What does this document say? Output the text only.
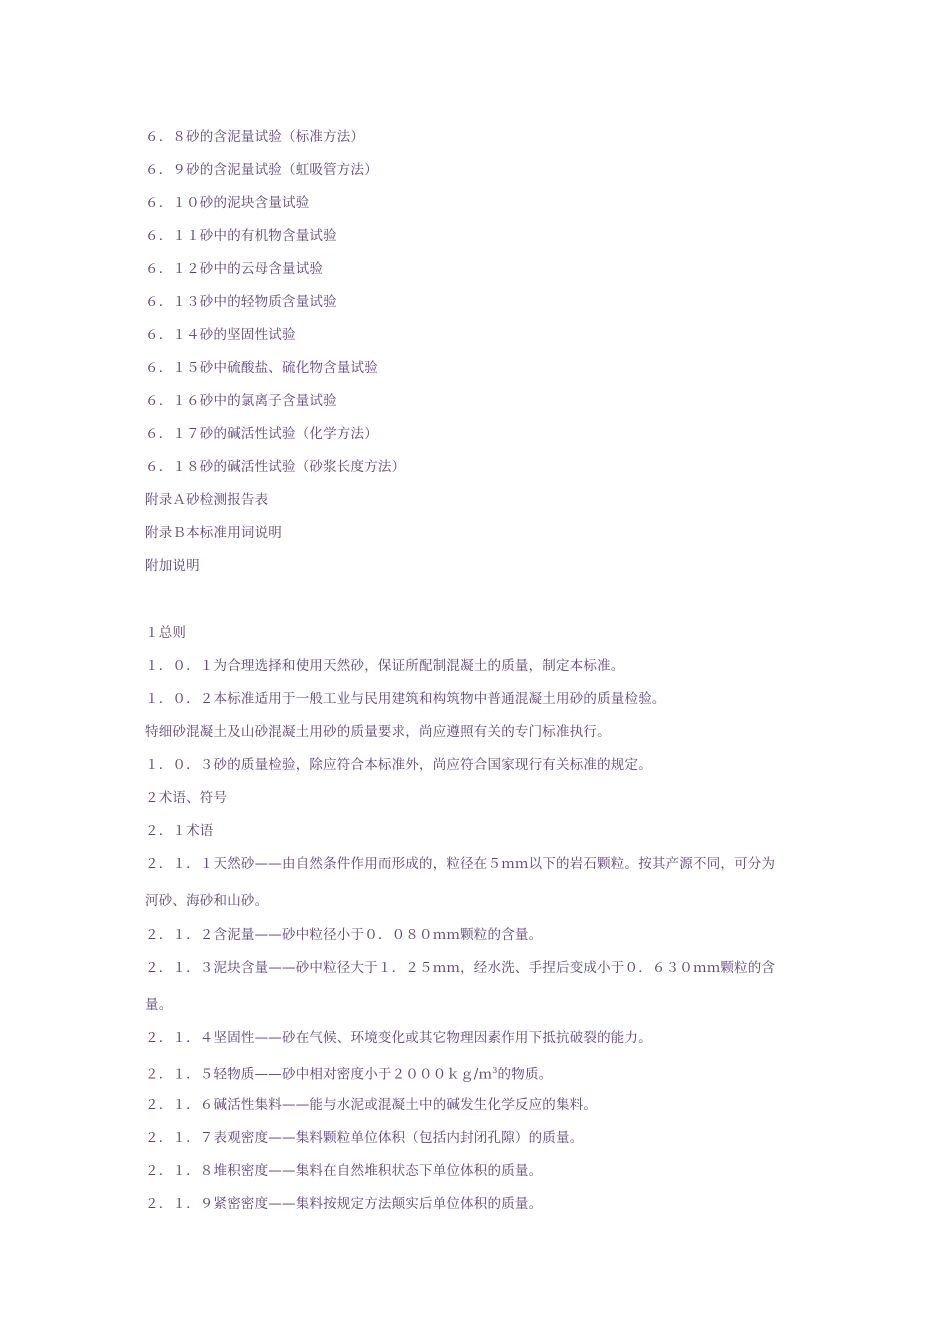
６．８砂的含泥量试验（标准方法）
６．９砂的含泥量试验（虹吸管方法）
６．１０砂的泥块含量试验
６．１１砂中的有机物含量试验
６．１２砂中的云母含量试验
６．１３砂中的轻物质含量试验
６．１４砂的坚固性试验
６．１５砂中硫酸盐、硫化物含量试验
６．１６砂中的氯离子含量试验
６．１７砂的碱活性试验（化学方法）
６．１８砂的碱活性试验（砂浆长度方法）
附录Ａ砂检测报告表
附录Ｂ本标准用词说明
附加说明
１总则
１．０．１为合理选择和使用天然砂，保证所配制混凝土的质量，制定本标准。
１．０．２本标准适用于一般工业与民用建筑和构筑物中普通混凝土用砂的质量检验。
特细砂混凝土及山砂混凝土用砂的质量要求，尚应遵照有关的专门标准执行。
１．０．３砂的质量检验，除应符合本标准外，尚应符合国家现行有关标准的规定。
２术语、符号
２．１术语
２．１．１天然砂——由自然条件作用而形成的，粒径在５ｍｍ以下的岩石颗粒。按其产源不同，可分为
河砂、海砂和山砂。
２．１．２含泥量——砂中粒径小于０．０８０ｍｍ颗粒的含量。
２．１．３泥块含量——砂中粒径大于１．２５ｍｍ，经水洗、手捏后变成小于０．６３０ｍｍ颗粒的含
量。
２．１．４坚固性——砂在气候、环境变化或其它物理因素作用下抵抗破裂的能力。
２．１．５轻物质——砂中相对密度小于２０００ｋｇ/ｍ$^3$的物质。
２．１．６碱活性集料——能与水泥或混凝土中的碱发生化学反应的集料。
２．１．７表观密度——集料颗粒单位体积（包括内封闭孔隙）的质量。
２．１．８堆积密度——集料在自然堆积状态下单位体积的质量。
２．１．９紧密密度——集料按规定方法颠实后单位体积的质量。
